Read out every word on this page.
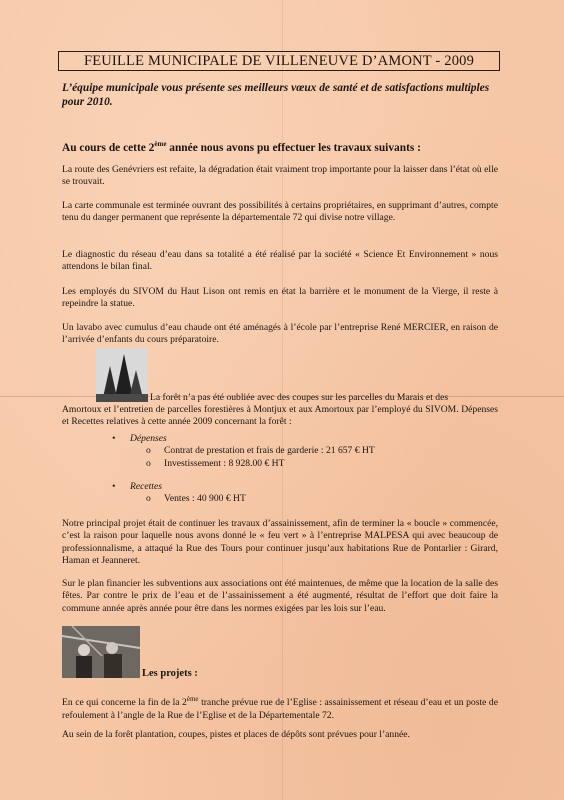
FEUILLE MUNICIPALE DE VILLENEUVE D’AMONT - 2009
L’équipe municipale vous présente ses meilleurs vœux de santé et de satisfactions multiples pour 2010.
Au cours de cette 2ème année nous avons pu effectuer les travaux suivants :
La route des Genévriers est refaite, la dégradation était vraiment trop importante pour la laisser dans l’état où elle se trouvait.
La carte communale est terminée ouvrant des possibilités à certains propriétaires, en supprimant d’autres, compte tenu du danger permanent que représente la départementale 72 qui divise notre village.
Le diagnostic du réseau d’eau dans sa totalité a été réalisé par la société « Science Et Environnement » nous attendons le bilan final.
Les employés du SIVOM du Haut Lison ont remis en état la barrière et le monument de la Vierge, il reste à repeindre la statue.
Un lavabo avec cumulus d’eau chaude ont été aménagés à l’école par l’entreprise René MERCIER, en raison de l’arrivée d’enfants du cours préparatoire.
La forêt n’a pas été oubliée avec des coupes sur les parcelles du Marais et des
Amortoux et l’entretien de parcelles forestières à Montjux et aux Amortoux par l’employé du SIVOM. Dépenses et Recettes relatives à cette année 2009 concernant la forêt :
• Dépenses
o Contrat de prestation et frais de garderie : 21 657 € HT
o Investissement : 8 928.00 € HT
• Recettes
o Ventes : 40 900 € HT
Notre principal projet était de continuer les travaux d’assainissement, afin de terminer la « boucle » commencée, c’est la raison pour laquelle nous avons donné le « feu vert » à l’entreprise MALPESA qui avec beaucoup de professionnalisme, a attaqué la Rue des Tours pour continuer jusqu’aux habitations Rue de Pontarlier : Girard, Haman et Jeanneret.
Sur le plan financier les subventions aux associations ont été maintenues, de même que la location de la salle des fêtes. Par contre le prix de l’eau et de l’assainissement a été augmenté, résultat de l’effort que doit faire la commune année après année pour être dans les normes exigées par les lois sur l’eau.
Les projets :
En ce qui concerne la fin de la 2ème tranche prévue rue de l’Eglise : assainissement et réseau d’eau et un poste de refoulement à l’angle de la Rue de l’Eglise et de la Départementale 72.
Au sein de la forêt plantation, coupes, pistes et places de dépôts sont prévues pour l’année.
